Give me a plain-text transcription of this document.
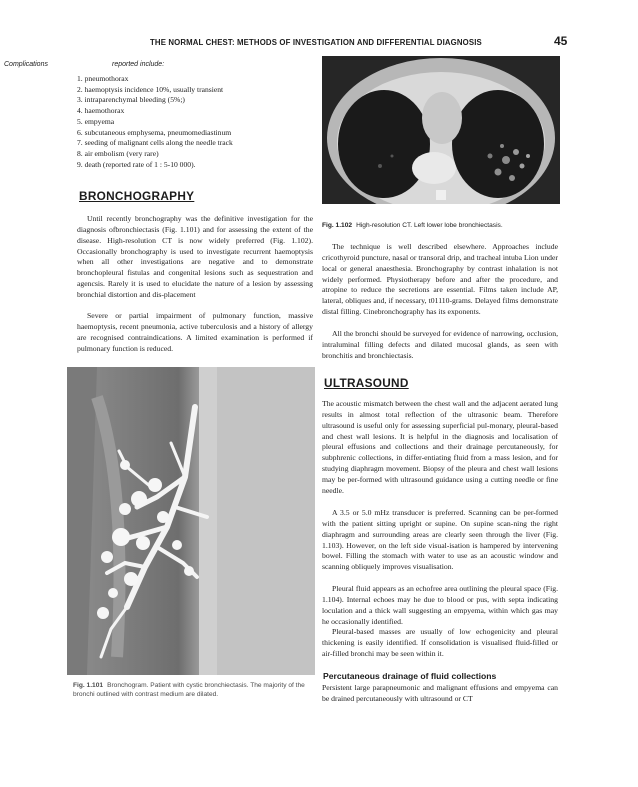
THE NORMAL CHEST: METHODS OF INVESTIGATION AND DIFFERENTIAL DIAGNOSIS	45
Complications	reported include:
1. pneumothorax
2. haemoptysis incidence 10%, usually transient
3. intraparenchymal bleeding (5%;)
4. haemothorax
5. empyema
6. subcutaneous emphysema, pneumomediastinum
7. seeding of malignant cells along the needle track
8. air embolism (very rare)
9. death (reported rate of 1 : 5-10 000).
BRONCHOGRAPHY

Until recently bronchography was the definitive investigation for the diagnosis ofbronchiectasis (Fig. 1.101) and for assessing the extent of the disease. High-resolution CT is now widely preferred (Fig. 1.102). Occasionally bronchography is used to investigate recurrent haemoptysis when all other investigations are negative and to demonstrate bronchopleural fistulas and congenital lesions such as sequestration and agencsis. Rarely it is used to elucidate the nature of a lesion by assessing bronchial distortion and dis-placement

Severe or partial impairment of pulmonary function, massive haemoptysis, recent pneumonia, active tuberculosis and a history of allergy are recognised contraindications. A limited examination is performed if pulmonary function is reduced.

Fig. 1.102 High-resolution CT. Left lower lobe bronchiectasis.

The technique is well described elsewhere. Approaches include cricothyroid puncture, nasal or transoral drip, and tracheal intuba Lion under local or general anaesthesia. Bronchography by contrast inhalation is not widely performed. Physiotherapy before and after the procedure, and atropine to reduce the secretions are essential. Films taken include AP, lateral, obliques and, if necessary, t01110-grams. Delayed films demonstrate distal filling. Cinebronchography has its exponents.

All the bronchi should be surveyed for evidence of narrowing, occlusion, intraluminal filling defects and dilated mucosal glands, as seen with bronchitis and bronchiectasis.

ULTRASOUND

The acoustic mismatch between the chest wall and the adjacent aerated lung results in almost total reflection of the ultrasonic beam. Therefore ultrasound is useful only for assessing superficial pul-monary, pleural-based and chest wall lesions. It is helpful in the diagnosis and localisation of pleural effusions and collections and their drainage percutaneously, for subphrenic collections, in differ-entiating fluid from a mass lesion, and for studying diaphragm movement. Biopsy of the pleura and chest wall lesions may be per-formed with ultrasound guidance using a cutting needle or fine needle.

A 3.5 or 5.0 mHz transducer is preferred. Scanning can be per-formed with the patient sitting upright or supine. On supine scan-ning the right diaphragm and surrounding areas are clearly seen through the liver (Fig. 1.103). However, on the left side visual-isation is hampered by intervening bowel. Filling the stomach with water to use as an acoustic window and scanning obliquely improves visualisation.

Pleural fluid appears as an echofree area outlining the pleural space (Fig. 1.104). Internal echoes may he due to blood or pus, with septa indicating loculation and a thick wall suggesting an empyema, within which gas may he occasionally identified.

Pleural-based masses are usually of low echogenicity and pleural thickening is easily identified. If consolidation is visualised fluid-filled or air-filled bronchi may be seen within it.

Percutaneous drainage of fluid collections

Persistent large parapneumonic and malignant effusions and empyema can be drained percutaneously with ultrasound or CT

Fig. 1.101 Bronchogram. Patient with cystic bronchiectasis. The majority of the bronchi outlined with contrast medium are dilated.
